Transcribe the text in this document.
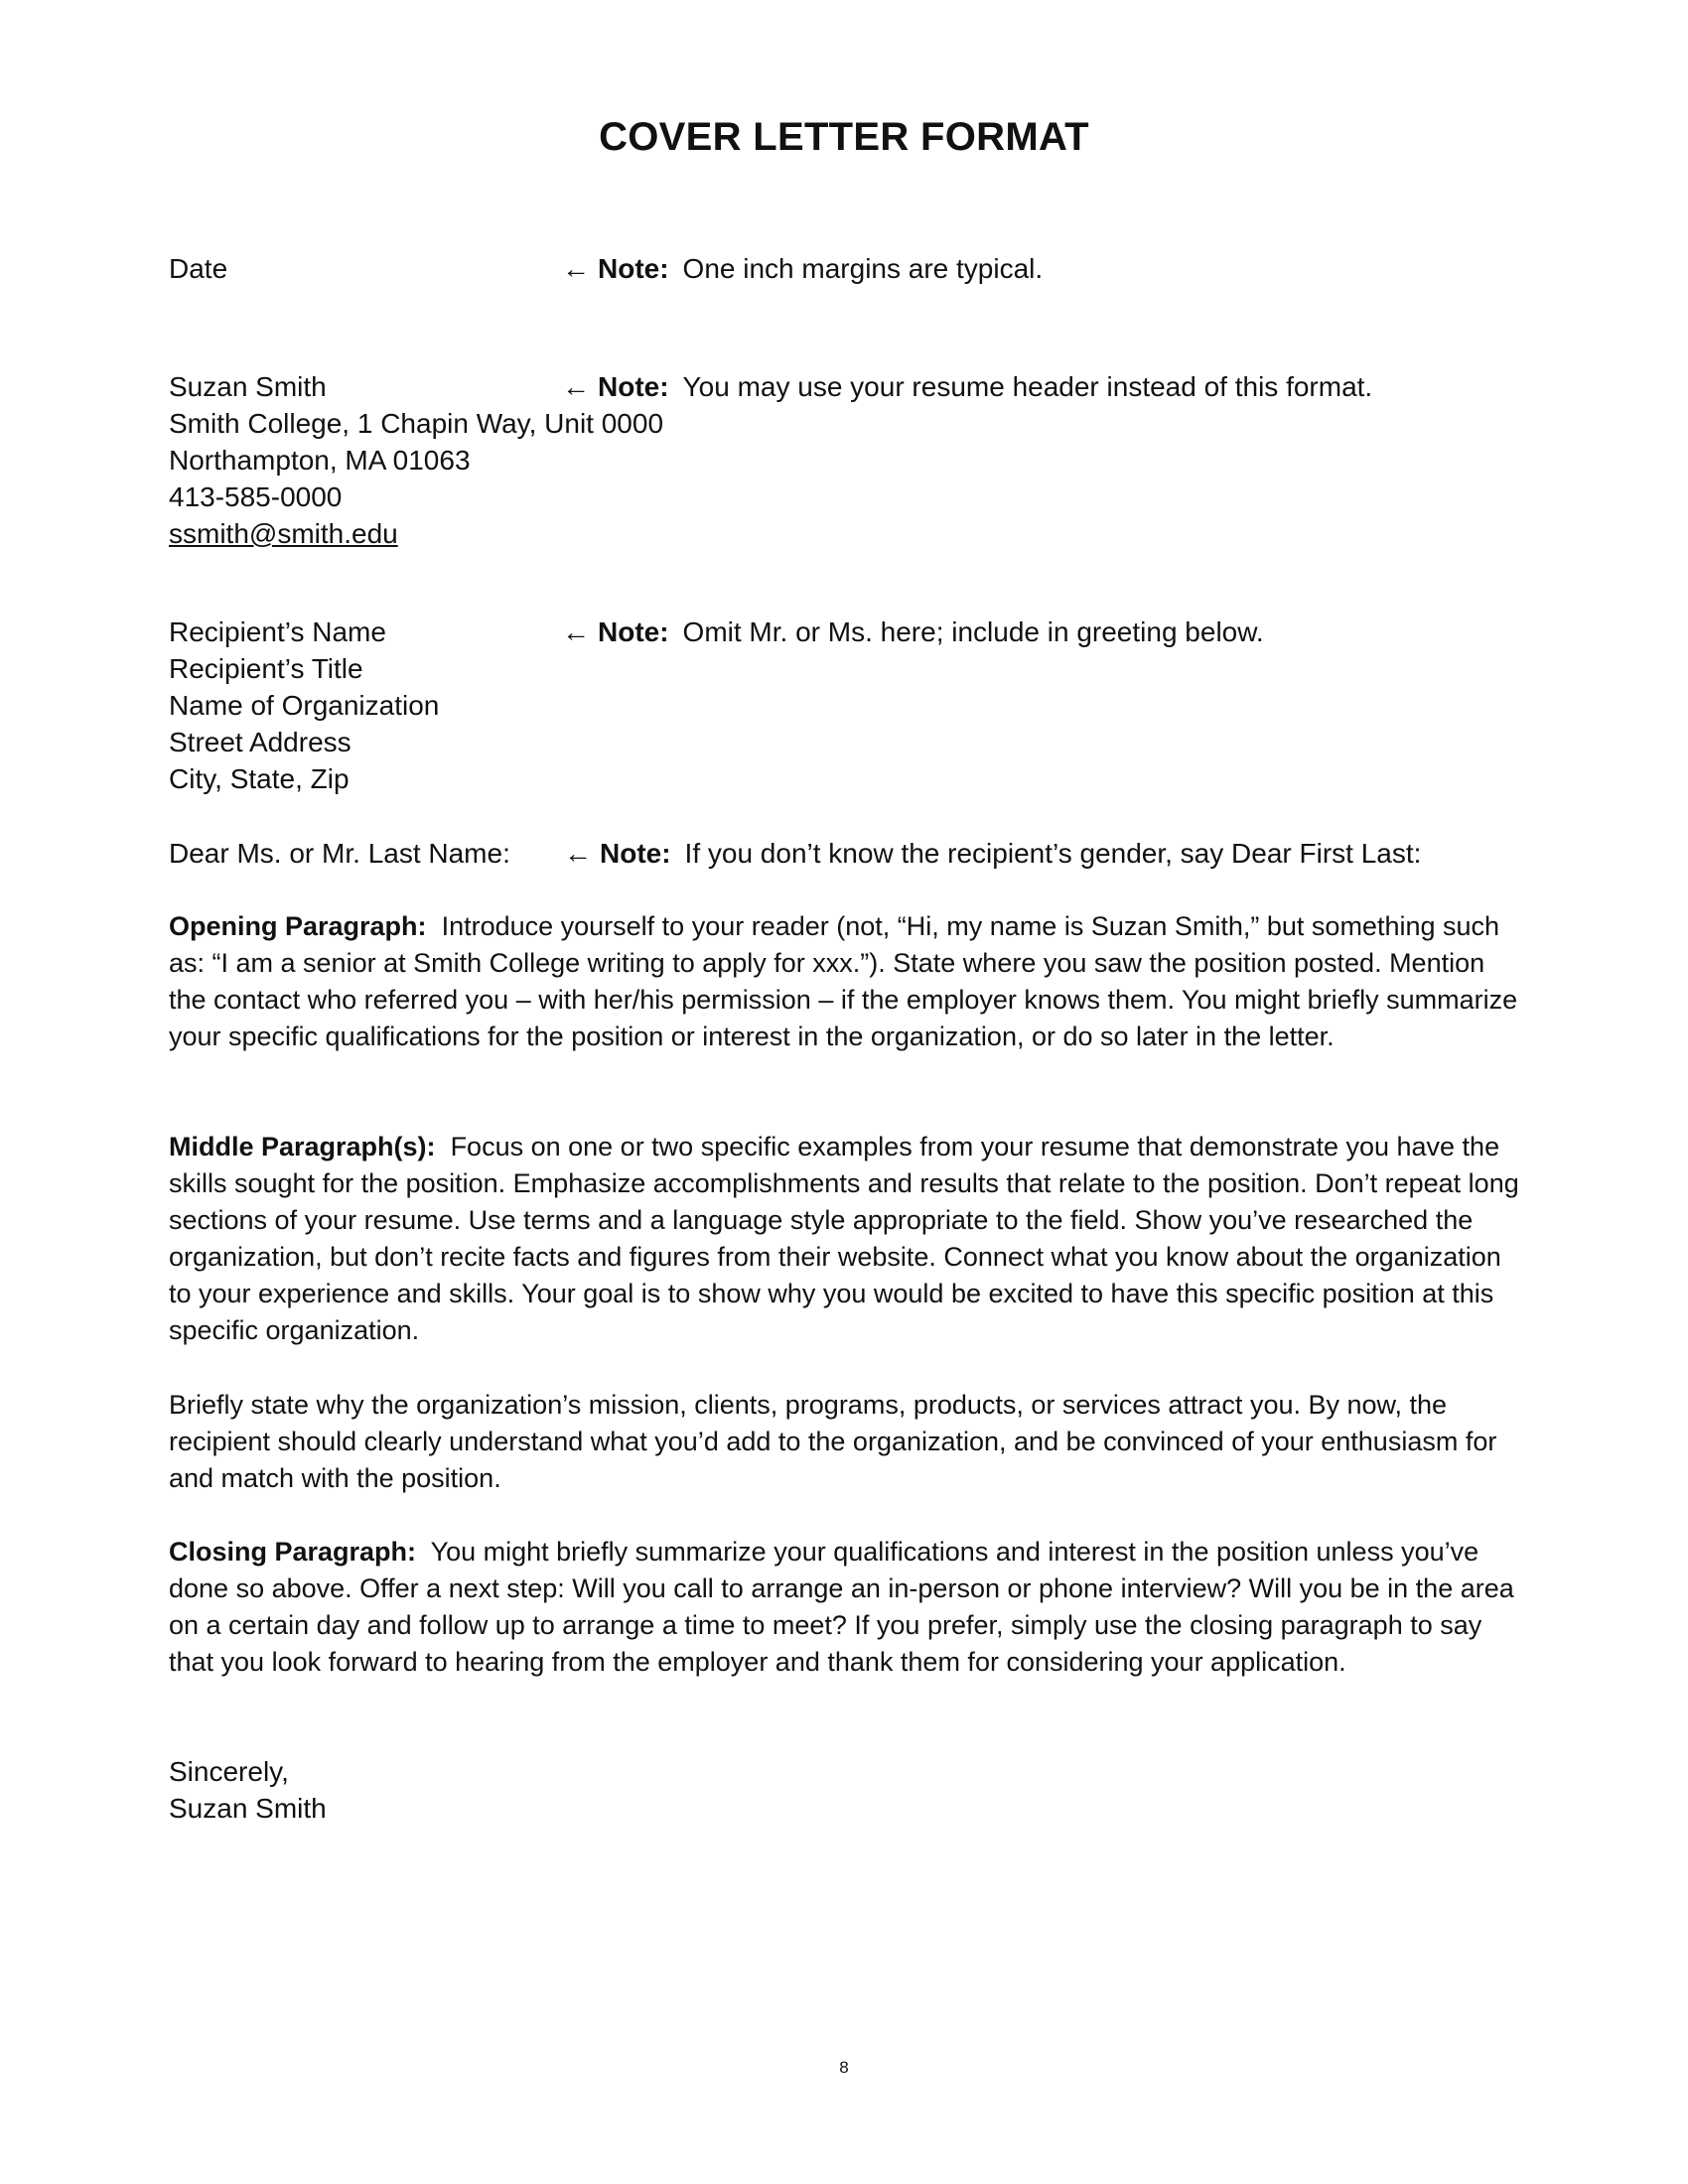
COVER LETTER FORMAT
Date	← Note: One inch margins are typical.
Suzan Smith	← Note: You may use your resume header instead of this format.
Smith College, 1 Chapin Way, Unit 0000
Northampton, MA 01063
413-585-0000
ssmith@smith.edu
Recipient’s Name	← Note: Omit Mr. or Ms. here; include in greeting below.
Recipient’s Title
Name of Organization
Street Address
City, State, Zip
Dear Ms. or Mr. Last Name: ← Note: If you don’t know the recipient’s gender, say Dear First Last:
Opening Paragraph: Introduce yourself to your reader (not, “Hi, my name is Suzan Smith,” but something such as: “I am a senior at Smith College writing to apply for xxx.”). State where you saw the position posted. Mention the contact who referred you – with her/his permission – if the employer knows them. You might briefly summarize your specific qualifications for the position or interest in the organization, or do so later in the letter.
Middle Paragraph(s): Focus on one or two specific examples from your resume that demonstrate you have the skills sought for the position. Emphasize accomplishments and results that relate to the position. Don’t repeat long sections of your resume. Use terms and a language style appropriate to the field. Show you’ve researched the organization, but don’t recite facts and figures from their website. Connect what you know about the organization to your experience and skills. Your goal is to show why you would be excited to have this specific position at this specific organization.
Briefly state why the organization’s mission, clients, programs, products, or services attract you. By now, the recipient should clearly understand what you’d add to the organization, and be convinced of your enthusiasm for and match with the position.
Closing Paragraph: You might briefly summarize your qualifications and interest in the position unless you’ve done so above. Offer a next step: Will you call to arrange an in-person or phone interview? Will you be in the area on a certain day and follow up to arrange a time to meet? If you prefer, simply use the closing paragraph to say that you look forward to hearing from the employer and thank them for considering your application.
Sincerely,
Suzan Smith
8
